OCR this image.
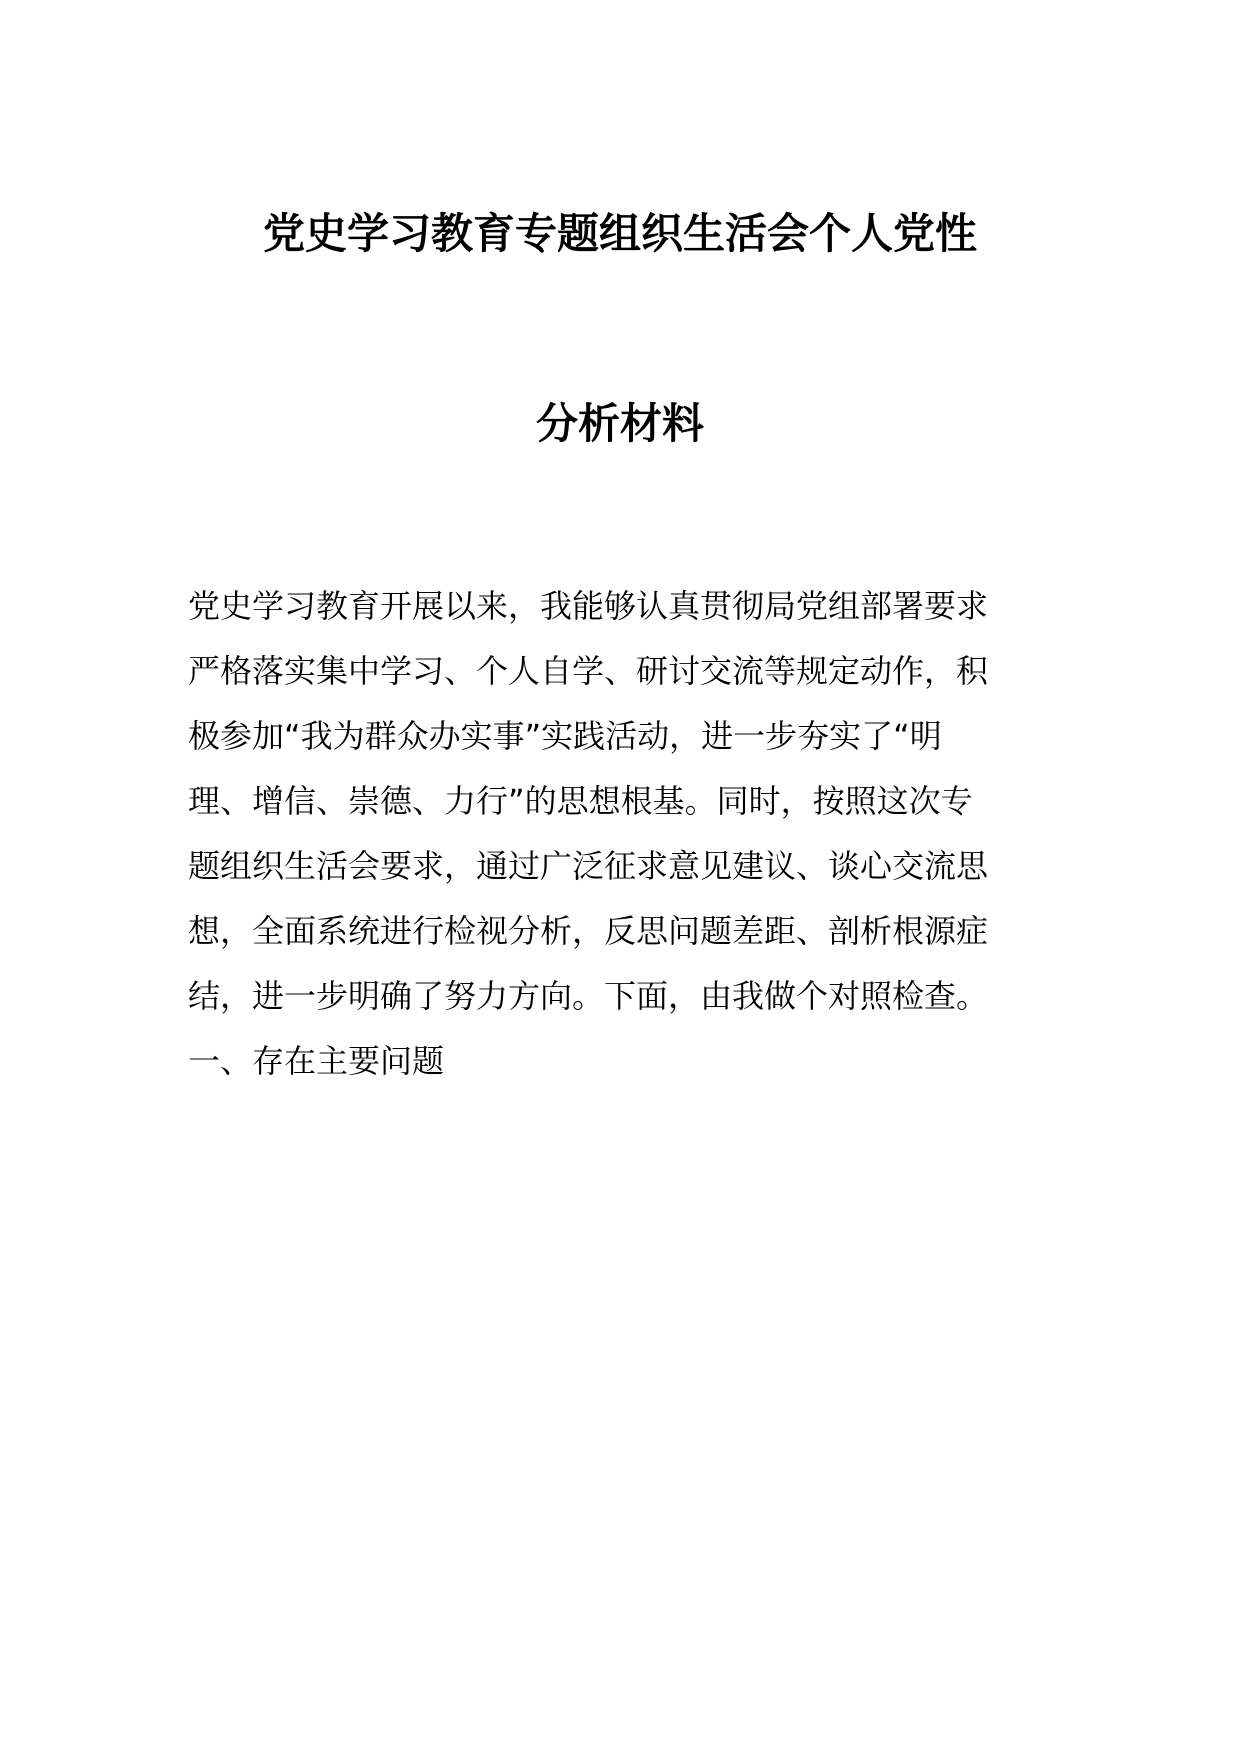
党史学习教育专题组织生活会个人党性
分析材料
党史学习教育开展以来，我能够认真贯彻局党组部署要求
严格落实集中学习、个人自学、研讨交流等规定动作，积
极参加“我为群众办实事”实践活动，进一步夯实了“明
理、增信、崇德、力行”的思想根基。同时，按照这次专
题组织生活会要求，通过广泛征求意见建议、谈心交流思
想，全面系统进行检视分析，反思问题差距、剖析根源症
结，进一步明确了努力方向。下面，由我做个对照检查。
一、存在主要问题
